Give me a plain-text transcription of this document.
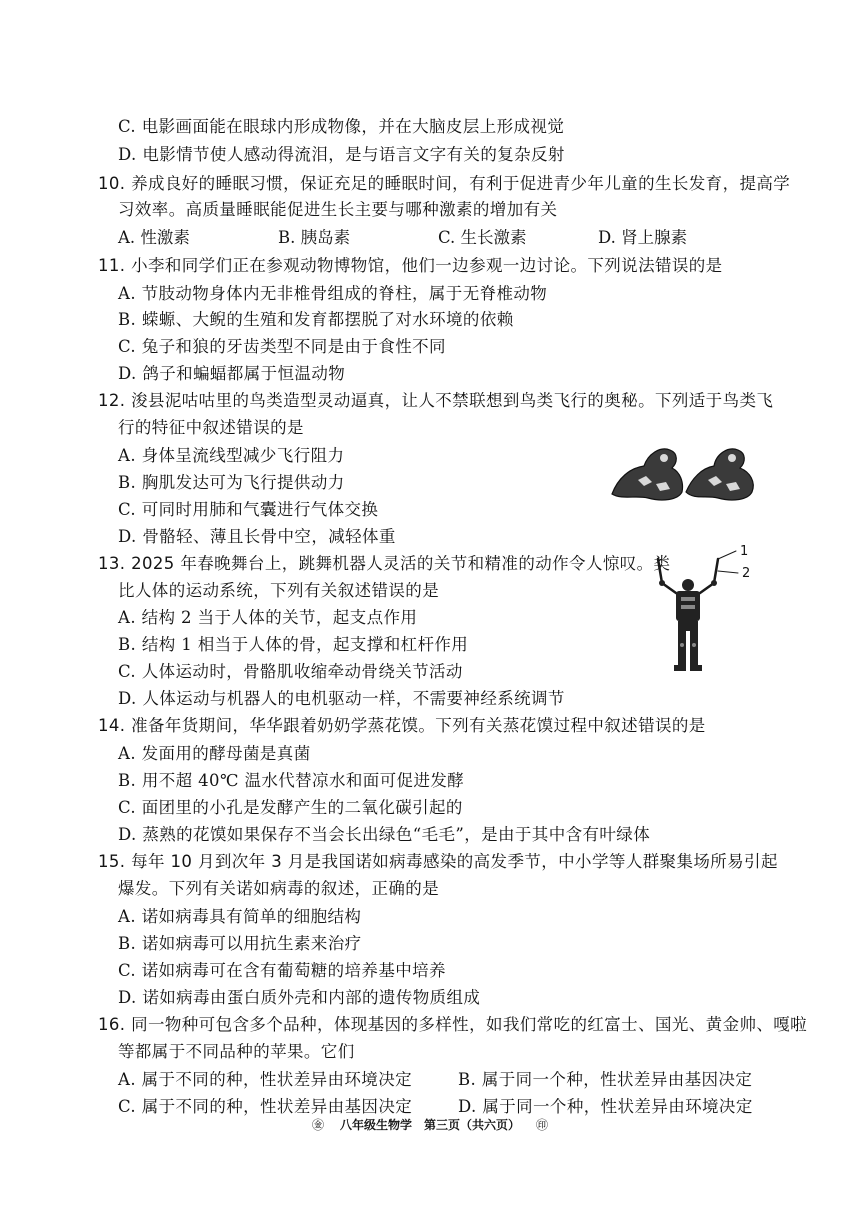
C. 电影画面能在眼球内形成物像，并在大脑皮层上形成视觉
D. 电影情节使人感动得流泪，是与语言文字有关的复杂反射
10. 养成良好的睡眠习惯，保证充足的睡眠时间，有利于促进青少年儿童的生长发育，提高学
习效率。高质量睡眠能促进生长主要与哪种激素的增加有关
A. 性激素	B. 胰岛素	C. 生长激素	D. 肾上腺素
11. 小李和同学们正在参观动物博物馆，他们一边参观一边讨论。下列说法错误的是
A. 节肢动物身体内无非椎骨组成的脊柱，属于无脊椎动物
B. 蝾螈、大鲵的生殖和发育都摆脱了对水环境的依赖
C. 兔子和狼的牙齿类型不同是由于食性不同
D. 鸽子和蝙蝠都属于恒温动物
12. 浚县泥咕咕里的鸟类造型灵动逼真，让人不禁联想到鸟类飞行的奥秘。下列适于鸟类飞
行的特征中叙述错误的是
A. 身体呈流线型减少飞行阻力
B. 胸肌发达可为飞行提供动力
C. 可同时用肺和气囊进行气体交换
D. 骨骼轻、薄且长骨中空，减轻体重
13. 2025 年春晚舞台上，跳舞机器人灵活的关节和精准的动作令人惊叹。类
比人体的运动系统，下列有关叙述错误的是
A. 结构 2 当于人体的关节，起支点作用
B. 结构 1 相当于人体的骨，起支撑和杠杆作用
C. 人体运动时，骨骼肌收缩牵动骨绕关节活动
D. 人体运动与机器人的电机驱动一样，不需要神经系统调节
1
2
14. 准备年货期间，华华跟着奶奶学蒸花馍。下列有关蒸花馍过程中叙述错误的是
A. 发面用的酵母菌是真菌
B. 用不超 40℃ 温水代替凉水和面可促进发酵
C. 面团里的小孔是发酵产生的二氧化碳引起的
D. 蒸熟的花馍如果保存不当会长出绿色“毛毛”，是由于其中含有叶绿体
15. 每年 10 月到次年 3 月是我国诺如病毒感染的高发季节，中小学等人群聚集场所易引起
爆发。下列有关诺如病毒的叙述，正确的是
A. 诺如病毒具有简单的细胞结构
B. 诺如病毒可以用抗生素来治疗
C. 诺如病毒可在含有葡萄糖的培养基中培养
D. 诺如病毒由蛋白质外壳和内部的遗传物质组成
16. 同一物种可包含多个品种，体现基因的多样性，如我们常吃的红富士、国光、黄金帅、嘎啦
等都属于不同品种的苹果。它们
A. 属于不同的种，性状差异由环境决定	B. 属于同一个种，性状差异由基因决定
C. 属于不同的种，性状差异由基因决定	D. 属于同一个种，性状差异由环境决定
㊎ 八年级生物学　第三页（共六页） ㊞
